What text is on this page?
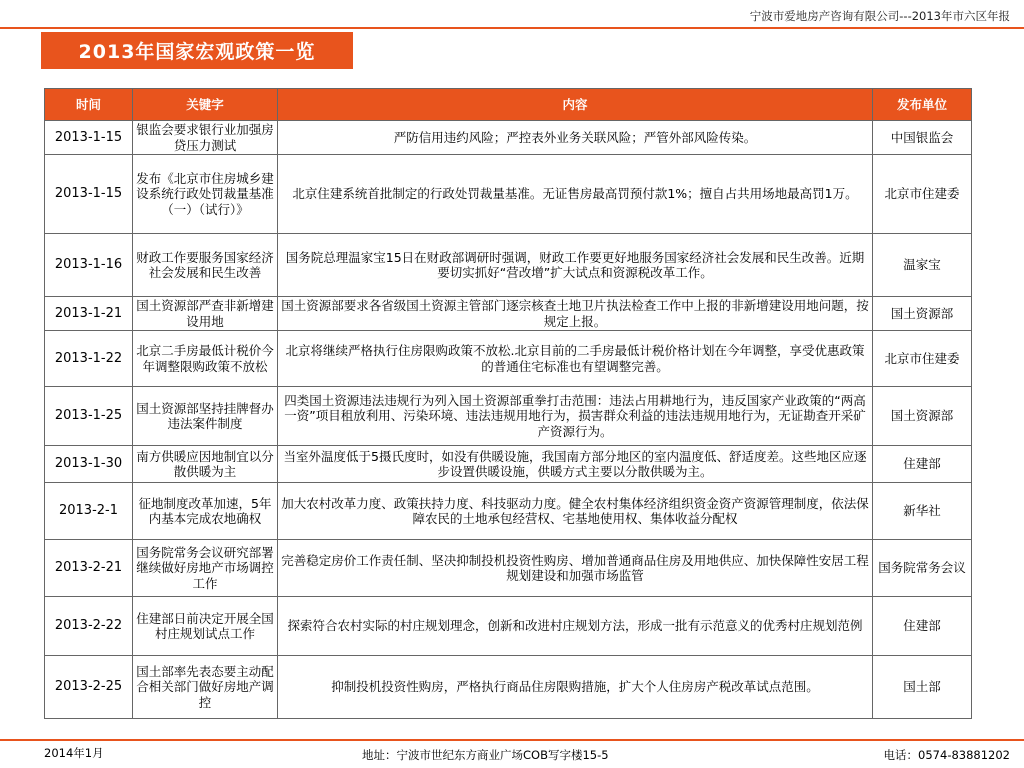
宁波市爱地房产咨询有限公司---2013年市六区年报
2013年国家宏观政策一览
时间	关键字	内容	发布单位
2013-1-15	银监会要求银行业加强房贷压力测试	严防信用违约风险；严控表外业务关联风险；严管外部风险传染。	中国银监会
2013-1-15	发布《北京市住房城乡建设系统行政处罚裁量基准（一）（试行）》	北京住建系统首批制定的行政处罚裁量基准。无证售房最高罚预付款1%；擅自占共用场地最高罚1万。	北京市住建委
2013-1-16	财政工作要服务国家经济社会发展和民生改善	国务院总理温家宝15日在财政部调研时强调，财政工作要更好地服务国家经济社会发展和民生改善。近期要切实抓好“营改增”扩大试点和资源税改革工作。	温家宝
2013-1-21	国土资源部严查非新增建设用地	国土资源部要求各省级国土资源主管部门逐宗核查土地卫片执法检查工作中上报的非新增建设用地问题，按规定上报。	国土资源部
2013-1-22	北京二手房最低计税价今年调整限购政策不放松	北京将继续严格执行住房限购政策不放松.北京目前的二手房最低计税价格计划在今年调整，享受优惠政策的普通住宅标准也有望调整完善。	北京市住建委
2013-1-25	国土资源部坚持挂牌督办违法案件制度	四类国土资源违法违规行为列入国土资源部重拳打击范围：违法占用耕地行为，违反国家产业政策的“两高一资”项目租放利用、污染环境、违法违规用地行为，损害群众利益的违法违规用地行为，无证勘查开采矿产资源行为。	国土资源部
2013-1-30	南方供暖应因地制宜以分散供暖为主	当室外温度低于5摄氏度时，如没有供暖设施，我国南方部分地区的室内温度低、舒适度差。这些地区应逐步设置供暖设施，供暖方式主要以分散供暖为主。	住建部
2013-2-1	征地制度改革加速，5年内基本完成农地确权	加大农村改革力度、政策扶持力度、科技驱动力度。健全农村集体经济组织资金资产资源管理制度，依法保障农民的土地承包经营权、宅基地使用权、集体收益分配权	新华社
2013-2-21	国务院常务会议研究部署继续做好房地产市场调控工作	完善稳定房价工作责任制、坚决抑制投机投资性购房、增加普通商品住房及用地供应、加快保障性安居工程规划建设和加强市场监管	国务院常务会议
2013-2-22	住建部日前决定开展全国村庄规划试点工作	探索符合农村实际的村庄规划理念，创新和改进村庄规划方法，形成一批有示范意义的优秀村庄规划范例	住建部
2013-2-25	国土部率先表态要主动配合相关部门做好房地产调控	抑制投机投资性购房，严格执行商品住房限购措施，扩大个人住房房产税改革试点范围。	国土部
2014年1月	地址：宁波市世纪东方商业广场COB写字楼15-5	电话：0574-83881202
